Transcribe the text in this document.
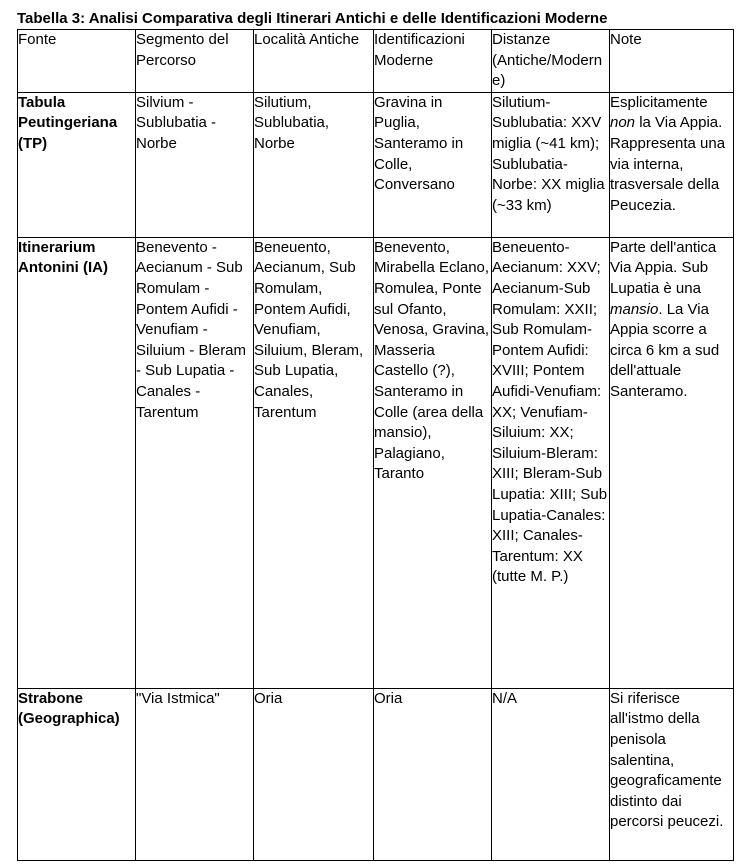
Tabella 3: Analisi Comparativa degli Itinerari Antichi e delle Identificazioni Moderne
Fonte	Segmento del Percorso	Località Antiche	Identificazioni Moderne	Distanze (Antiche/Moderne)	Note
Tabula Peutingeriana (TP)	Silvium - Sublubatia - Norbe	Silutium, Sublubatia, Norbe	Gravina in Puglia, Santeramo in Colle, Conversano	Silutium-Sublubatia: XXV miglia (~41 km); Sublubatia-Norbe: XX miglia (~33 km)	Esplicitamente non la Via Appia. Rappresenta una via interna, trasversale della Peucezia.
Itinerarium Antonini (IA)	Benevento - Aecianum - Sub Romulam - Pontem Aufidi - Venufiam - Siluium - Bleram - Sub Lupatia - Canales - Tarentum	Beneuento, Aecianum, Sub Romulam, Pontem Aufidi, Venufiam, Siluium, Bleram, Sub Lupatia, Canales, Tarentum	Benevento, Mirabella Eclano, Romulea, Ponte sul Ofanto, Venosa, Gravina, Masseria Castello (?), Santeramo in Colle (area della mansio), Palagiano, Taranto	Beneuento-Aecianum: XXV; Aecianum-Sub Romulam: XXII; Sub Romulam-Pontem Aufidi: XVIII; Pontem Aufidi-Venufiam: XX; Venufiam-Siluium: XX; Siluium-Bleram: XIII; Bleram-Sub Lupatia: XIII; Sub Lupatia-Canales: XIII; Canales-Tarentum: XX (tutte M. P.)	Parte dell'antica Via Appia. Sub Lupatia è una mansio. La Via Appia scorre a circa 6 km a sud dell'attuale Santeramo.
Strabone (Geographica)	"Via Istmica"	Oria	Oria	N/A	Si riferisce all'istmo della penisola salentina, geograficamente distinto dai percorsi peucezi.
